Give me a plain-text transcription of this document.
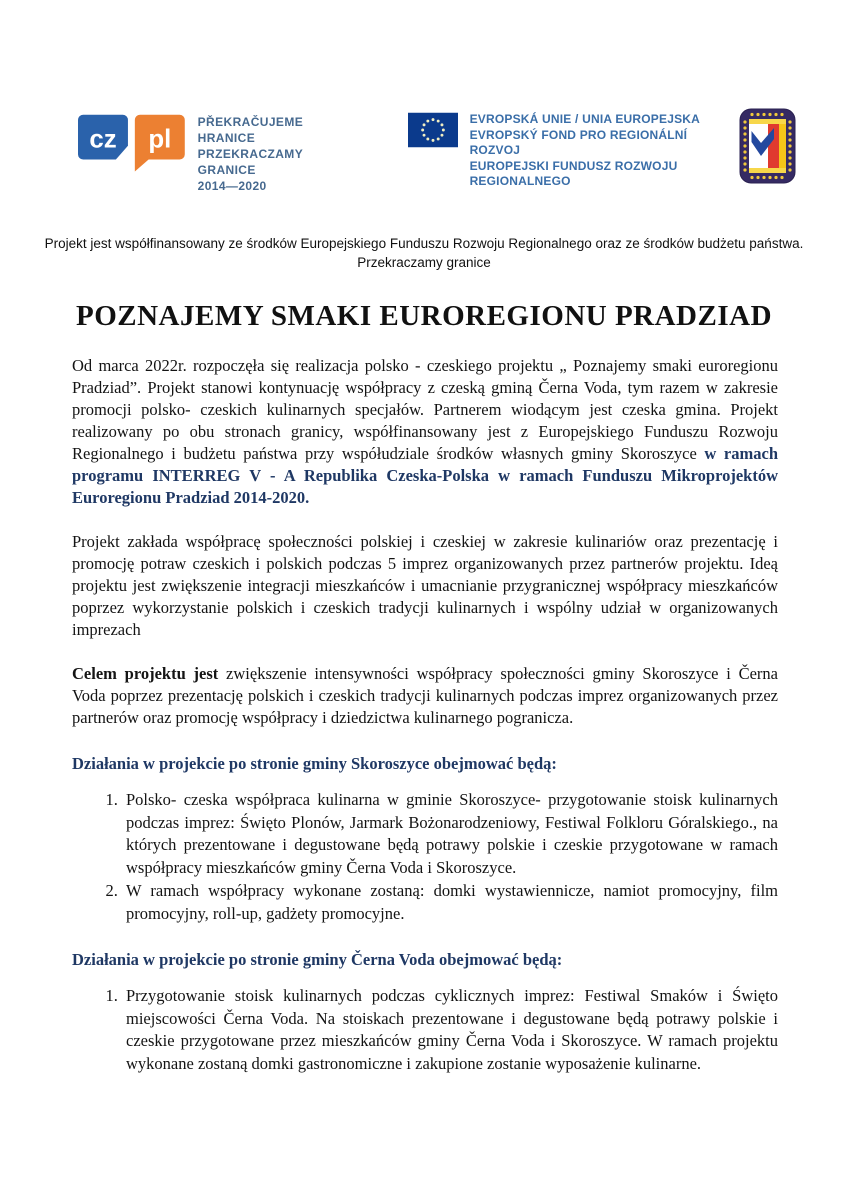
cz pl
PŘEKRAČUJEME HRANICE
PRZEKRACZAMY GRANICE
2014—2020
EVROPSKÁ UNIE / UNIA EUROPEJSKA
EVROPSKÝ FOND PRO REGIONÁLNÍ ROZVOJ
EUROPEJSKI FUNDUSZ ROZWOJU REGIONALNEGO

Projekt jest współfinansowany ze środków Europejskiego Funduszu Rozwoju Regionalnego oraz ze środków budżetu państwa.
Przekraczamy granice

POZNAJEMY SMAKI EUROREGIONU PRADZIAD

Od marca 2022r. rozpoczęła się realizacja polsko - czeskiego projektu „ Poznajemy smaki euroregionu Pradziad”. Projekt stanowi kontynuację współpracy z czeską gminą Černa Voda, tym razem w zakresie promocji polsko- czeskich kulinarnych specjałów. Partnerem wiodącym jest czeska gmina. Projekt realizowany po obu stronach granicy, współfinansowany jest z Europejskiego Funduszu Rozwoju Regionalnego i budżetu państwa przy współudziale środków własnych gminy Skoroszyce w ramach programu INTERREG V - A Republika Czeska-Polska w ramach Funduszu Mikroprojektów Euroregionu Pradziad 2014-2020.

Projekt zakłada współpracę społeczności polskiej i czeskiej w zakresie kulinariów oraz prezentację i promocję potraw czeskich i polskich podczas 5 imprez organizowanych przez partnerów projektu. Ideą projektu jest zwiększenie integracji mieszkańców i umacnianie przygranicznej współpracy mieszkańców poprzez wykorzystanie polskich i czeskich tradycji kulinarnych i wspólny udział w organizowanych imprezach

Celem projektu jest zwiększenie intensywności współpracy społeczności gminy Skoroszyce i Černa Voda poprzez prezentację polskich i czeskich tradycji kulinarnych podczas imprez organizowanych przez partnerów oraz promocję współpracy i dziedzictwa kulinarnego pogranicza.

Działania w projekcie po stronie gminy Skoroszyce obejmować będą:
1. Polsko- czeska współpraca kulinarna w gminie Skoroszyce- przygotowanie stoisk kulinarnych podczas imprez: Święto Plonów, Jarmark Bożonarodzeniowy, Festiwal Folkloru Góralskiego., na których prezentowane i degustowane będą potrawy polskie i czeskie przygotowane w ramach współpracy mieszkańców gminy Černa Voda i Skoroszyce.
2. W ramach współpracy wykonane zostaną: domki wystawiennicze, namiot promocyjny, film promocyjny, roll-up, gadżety promocyjne.
Działania w projekcie po stronie gminy Černa Voda obejmować będą:
1. Przygotowanie stoisk kulinarnych podczas cyklicznych imprez: Festiwal Smaków i Święto miejscowości Černa Voda. Na stoiskach prezentowane i degustowane będą potrawy polskie i czeskie przygotowane przez mieszkańców gminy Černa Voda i Skoroszyce. W ramach projektu wykonane zostaną domki gastronomiczne i zakupione zostanie wyposażenie kulinarne.
